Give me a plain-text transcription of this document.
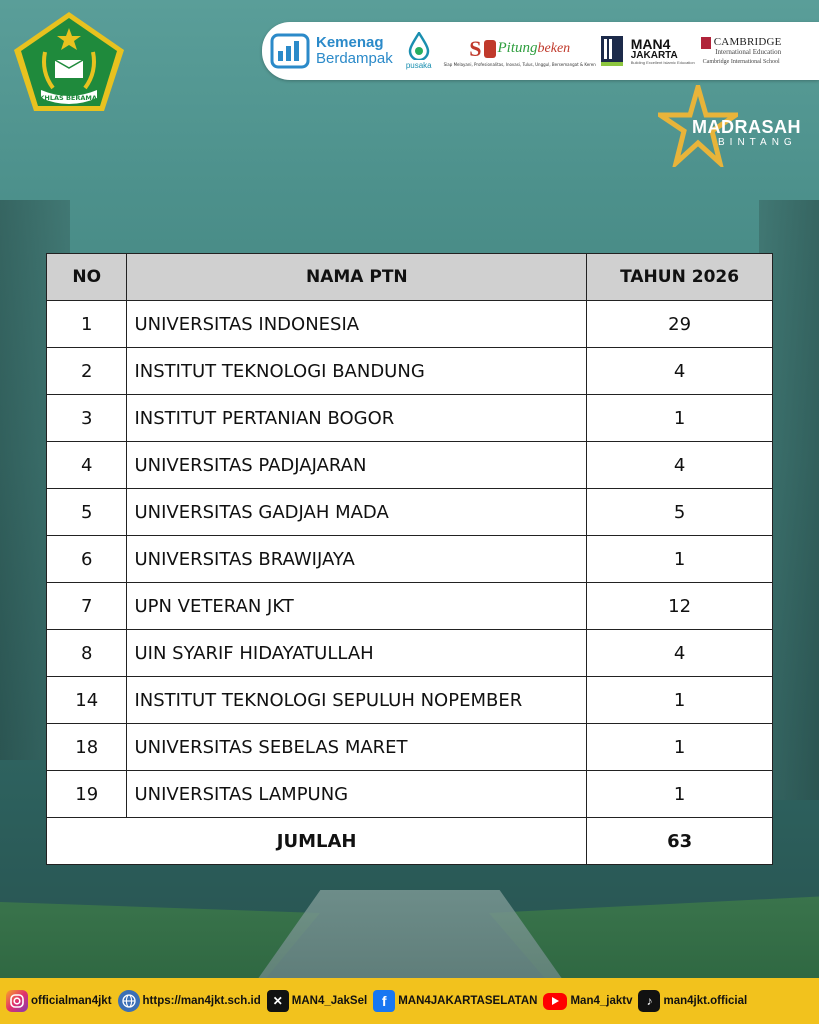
IKHLAS BERAMAL
Kemenag
Berdampak pusaka
S Pitung beken
Siap Melayani, Profesionalitas, Inovasi, Tulus, Unggul, Bersemangat & Keren
MAN4
JAKARTA
Building Excellent Islamic Education
CAMBRIDGE
International Education
Cambridge International School
MADRASAH
BINTANG
NO	NAMA PTN	TAHUN 2026
1	UNIVERSITAS INDONESIA	29
2	INSTITUT TEKNOLOGI BANDUNG	4
3	INSTITUT PERTANIAN BOGOR	1
4	UNIVERSITAS PADJAJARAN	4
5	UNIVERSITAS GADJAH MADA	5
6	UNIVERSITAS BRAWIJAYA	1
7	UPN VETERAN JKT	12
8	UIN SYARIF HIDAYATULLAH	4
14	INSTITUT TEKNOLOGI SEPULUH NOPEMBER	1
18	UNIVERSITAS SEBELAS MARET	1
19	UNIVERSITAS LAMPUNG	1
JUMLAH		63
officialman4jkt	https://man4jkt.sch.id ✕ MAN4_JakSel	f	MAN4JAKARTASELATAN	Man4_jaktv	♪ man4jkt.official
